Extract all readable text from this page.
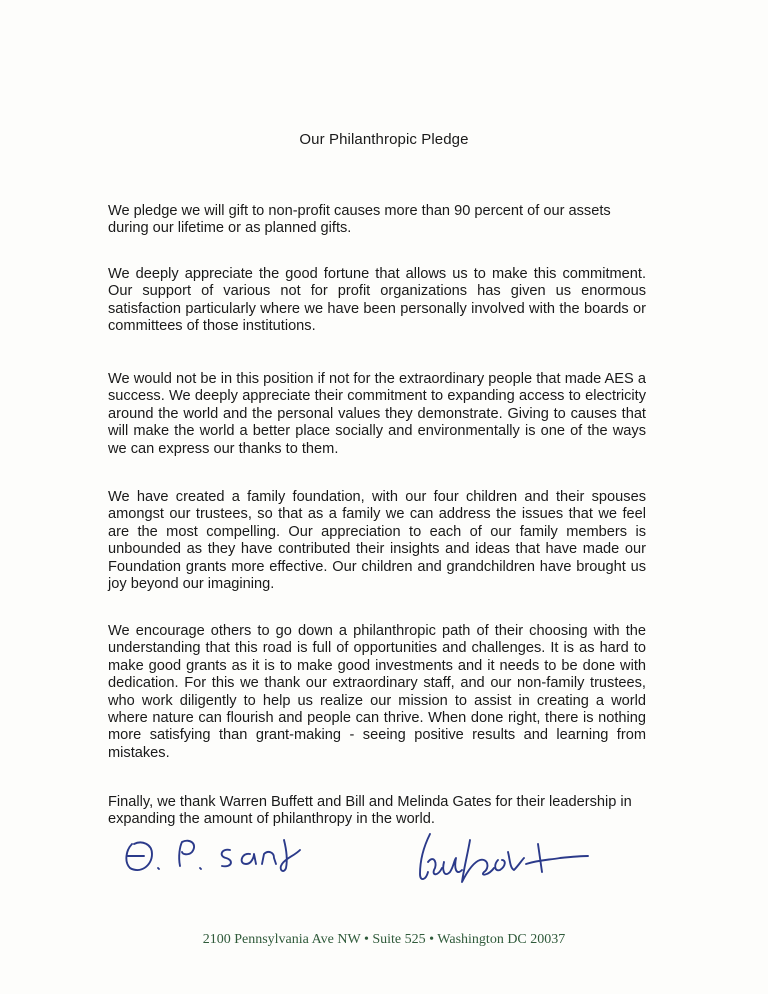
Our Philanthropic Pledge

We pledge we will gift to non-profit causes more than 90 percent of our assets during our lifetime or as planned gifts.

We deeply appreciate the good fortune that allows us to make this commitment. Our support of various not for profit organizations has given us enormous satisfaction particularly where we have been personally involved with the boards or committees of those institutions.

We would not be in this position if not for the extraordinary people that made AES a success. We deeply appreciate their commitment to expanding access to electricity around the world and the personal values they demonstrate. Giving to causes that will make the world a better place socially and environmentally is one of the ways we can express our thanks to them.

We have created a family foundation, with our four children and their spouses amongst our trustees, so that as a family we can address the issues that we feel are the most compelling. Our appreciation to each of our family members is unbounded as they have contributed their insights and ideas that have made our Foundation grants more effective. Our children and grandchildren have brought us joy beyond our imagining.

We encourage others to go down a philanthropic path of their choosing with the understanding that this road is full of opportunities and challenges. It is as hard to make good grants as it is to make good investments and it needs to be done with dedication. For this we thank our extraordinary staff, and our non-family trustees, who work diligently to help us realize our mission to assist in creating a world where nature can flourish and people can thrive. When done right, there is nothing more satisfying than grant-making - seeing positive results and learning from mistakes.

Finally, we thank Warren Buffett and Bill and Melinda Gates for their leadership in expanding the amount of philanthropy in the world.

2100 Pennsylvania Ave NW • Suite 525 • Washington DC 20037
